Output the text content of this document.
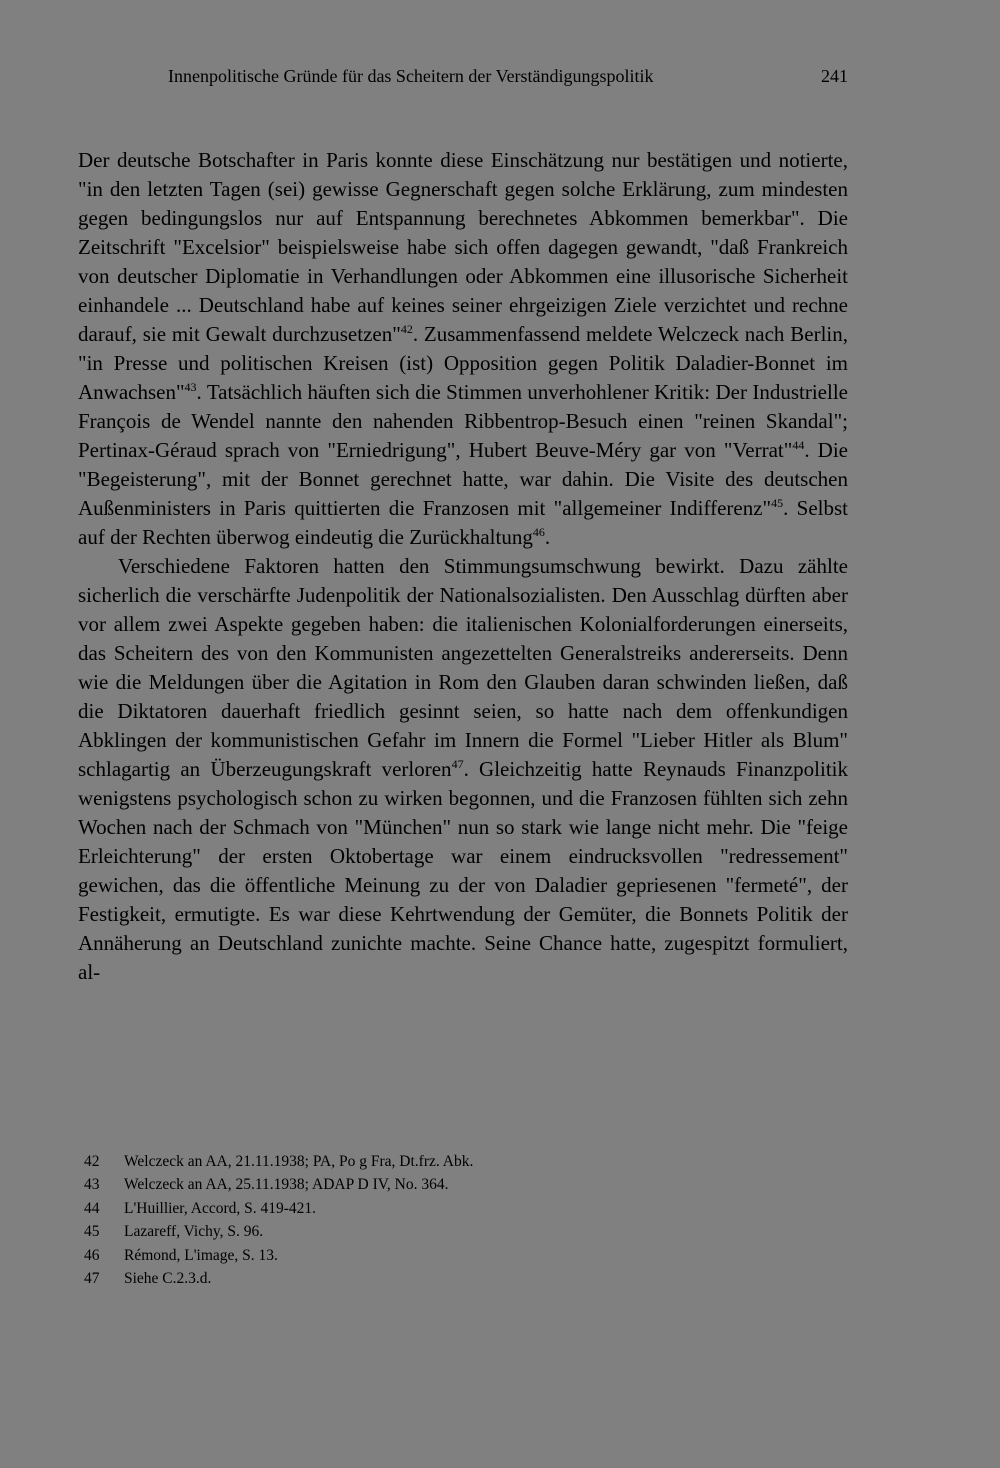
Innenpolitische Gründe für das Scheitern der Verständigungspolitik	241

Der deutsche Botschafter in Paris konnte diese Einschätzung nur bestätigen und notierte, "in den letzten Tagen (sei) gewisse Gegnerschaft gegen solche Erklärung, zum mindesten gegen bedingungslos nur auf Entspannung berechnetes Abkommen bemerkbar". Die Zeitschrift "Excelsior" beispielsweise habe sich offen dagegen gewandt, "daß Frankreich von deutscher Diplomatie in Verhandlungen oder Abkommen eine illusorische Sicherheit einhandele ... Deutschland habe auf keines seiner ehrgeizigen Ziele verzichtet und rechne darauf, sie mit Gewalt durchzusetzen"$^{42}$. Zusammenfassend meldete Welczeck nach Berlin, "in Presse und politischen Kreisen (ist) Opposition gegen Politik Daladier-Bonnet im Anwachsen"$^{43}$. Tatsächlich häuften sich die Stimmen unverhohlener Kritik: Der Industrielle François de Wendel nannte den nahenden Ribbentrop-Besuch einen "reinen Skandal"; Pertinax-Géraud sprach von "Erniedrigung", Hubert Beuve-Méry gar von "Verrat"$^{44}$. Die "Begeisterung", mit der Bonnet gerechnet hatte, war dahin. Die Visite des deutschen Außenministers in Paris quittierten die Franzosen mit "allgemeiner Indifferenz"$^{45}$. Selbst auf der Rechten überwog eindeutig die Zurückhaltung$^{46}$.

Verschiedene Faktoren hatten den Stimmungsumschwung bewirkt. Dazu zählte sicherlich die verschärfte Judenpolitik der Nationalsozialisten. Den Ausschlag dürften aber vor allem zwei Aspekte gegeben haben: die italienischen Kolonialforderungen einerseits, das Scheitern des von den Kommunisten angezettelten Generalstreiks andererseits. Denn wie die Meldungen über die Agitation in Rom den Glauben daran schwinden ließen, daß die Diktatoren dauerhaft friedlich gesinnt seien, so hatte nach dem offenkundigen Abklingen der kommunistischen Gefahr im Innern die Formel "Lieber Hitler als Blum" schlagartig an Überzeugungskraft verloren$^{47}$. Gleichzeitig hatte Reynauds Finanzpolitik wenigstens psychologisch schon zu wirken begonnen, und die Franzosen fühlten sich zehn Wochen nach der Schmach von "München" nun so stark wie lange nicht mehr. Die "feige Erleichterung" der ersten Oktobertage war einem eindrucksvollen "redressement" gewichen, das die öffentliche Meinung zu der von Daladier gepriesenen "fermeté", der Festigkeit, ermutigte. Es war diese Kehrtwendung der Gemüter, die Bonnets Politik der Annäherung an Deutschland zunichte machte. Seine Chance hatte, zugespitzt formuliert, al-

42	Welczeck an AA, 21.11.1938; PA, Po g Fra, Dt.frz. Abk.
43	Welczeck an AA, 25.11.1938; ADAP D IV, No. 364.
44	L'Huillier, Accord, S. 419-421.
45	Lazareff, Vichy, S. 96.
46	Rémond, L'image, S. 13.
47	Siehe C.2.3.d.
